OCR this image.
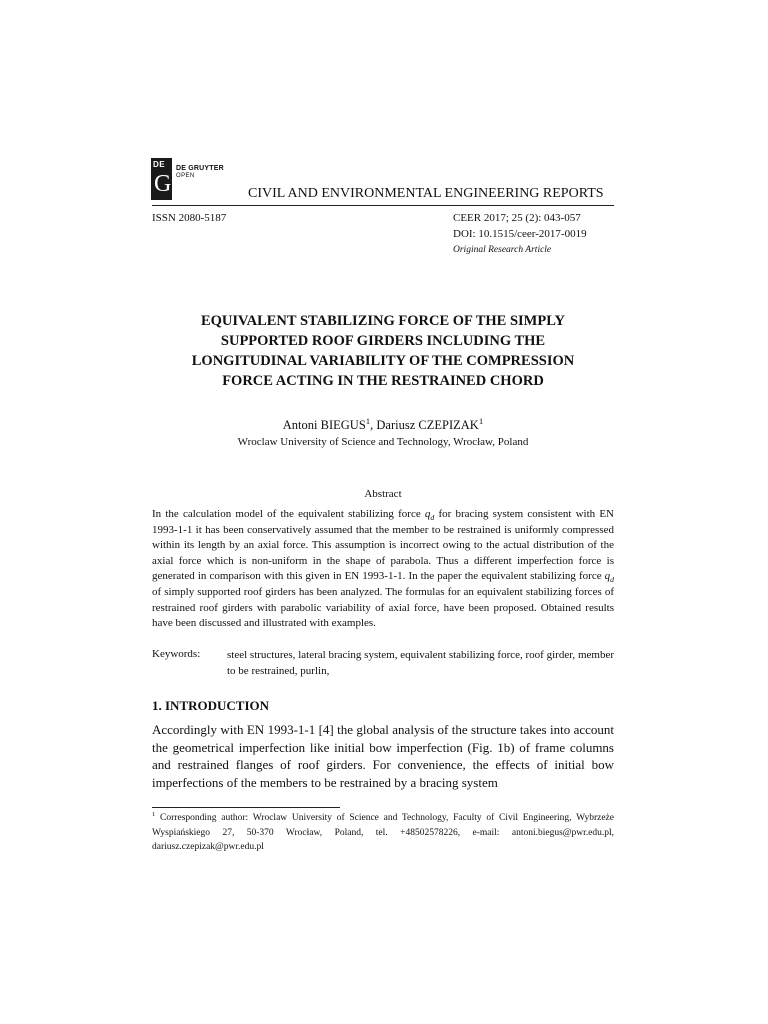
DE
G
DE GRUYTER
OPEN
CIVIL AND ENVIRONMENTAL ENGINEERING REPORTS
ISSN 2080-5187	CEER 2017; 25 (2): 043-057
DOI: 10.1515/ceer-2017-0019
Original Research Article
EQUIVALENT STABILIZING FORCE OF THE SIMPLY
SUPPORTED ROOF GIRDERS INCLUDING THE
LONGITUDINAL VARIABILITY OF THE COMPRESSION
FORCE ACTING IN THE RESTRAINED CHORD
Antoni BIEGUS$^1$, Dariusz CZEPIZAK$^1$
Wroclaw University of Science and Technology, Wrocław, Poland
Abstract
In the calculation model of the equivalent stabilizing force $q_d$ for bracing system consistent with EN 1993-1-1 it has been conservatively assumed that the member to be restrained is uniformly compressed within its length by an axial force. This assumption is incorrect owing to the actual distribution of the axial force which is non-uniform in the shape of parabola. Thus a different imperfection force is generated in comparison with this given in EN 1993-1-1. In the paper the equivalent stabilizing force $q_d$ of simply supported roof girders has been analyzed. The formulas for an equivalent stabilizing forces of restrained roof girders with parabolic variability of axial force, have been proposed. Obtained results have been discussed and illustrated with examples.
Keywords: steel structures, lateral bracing system, equivalent stabilizing force, roof girder, member to be restrained, purlin,
1. INTRODUCTION
Accordingly with EN 1993-1-1 [4] the global analysis of the structure takes into account the geometrical imperfection like initial bow imperfection (Fig. 1b) of frame columns and restrained flanges of roof girders. For convenience, the effects of initial bow imperfections of the members to be restrained by a bracing system
$^1$ Corresponding author: Wroclaw University of Science and Technology, Faculty of Civil Engineering, Wybrzeże Wyspiańskiego 27, 50-370 Wrocław, Poland, tel. +48502578226, e-mail: antoni.biegus@pwr.edu.pl, dariusz.czepizak@pwr.edu.pl
